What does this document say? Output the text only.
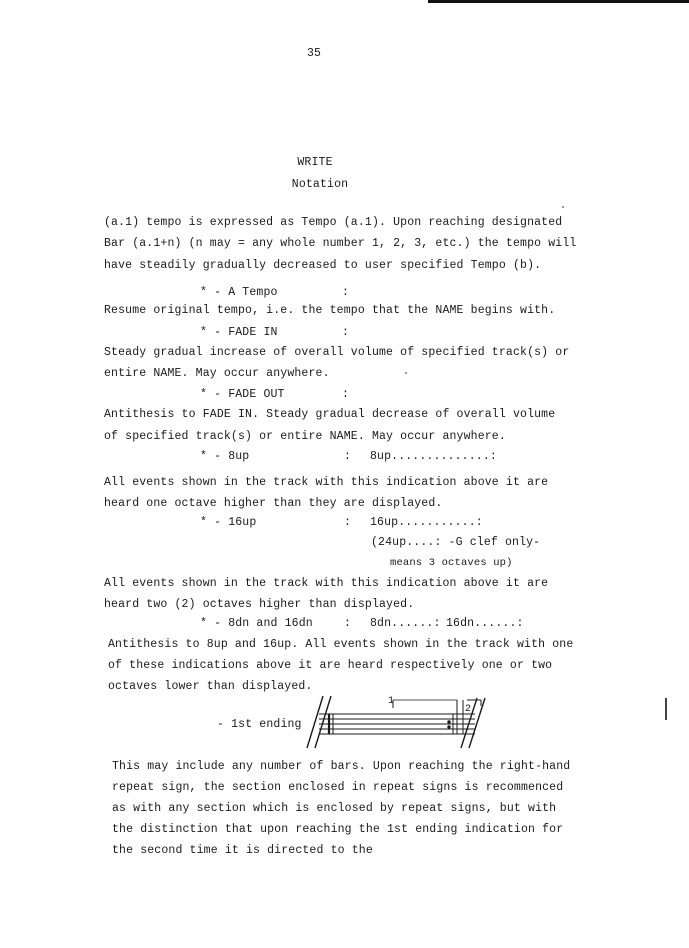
35
WRITE
Notation
(a.1) tempo is expressed as Tempo (a.1). Upon reaching designated
Bar (a.1+n) (n may = any whole number 1, 2, 3, etc.) the tempo will
have steadily gradually decreased to user specified Tempo (b).
* - A Tempo	:
Resume original tempo, i.e. the tempo that the NAME begins with.
* - FADE IN	:
Steady gradual increase of overall volume of specified track(s) or
entire NAME. May occur anywhere.
* - FADE OUT	:
Antithesis to FADE IN. Steady gradual decrease of overall volume
of specified track(s) or entire NAME. May occur anywhere.
* - 8up	: 8up..............:
All events shown in the track with this indication above it are
heard one octave higher than they are displayed.
* - 16up	: 16up...........:
(24up....: -G clef only-
means 3 octaves up)
All events shown in the track with this indication above it are
heard two (2) octaves higher than displayed.
* - 8dn and 16dn	: 8dn......: 16dn......:
Antithesis to 8up and 16up. All events shown in the track with one
of these indications above it are heard respectively one or two
octaves lower than displayed.
- 1st ending
1
2
This may include any number of bars. Upon reaching the right-hand
repeat sign, the section enclosed in repeat signs is recommenced
as with any section which is enclosed by repeat signs, but with
the distinction that upon reaching the 1st ending indication for
the second time it is directed to the
